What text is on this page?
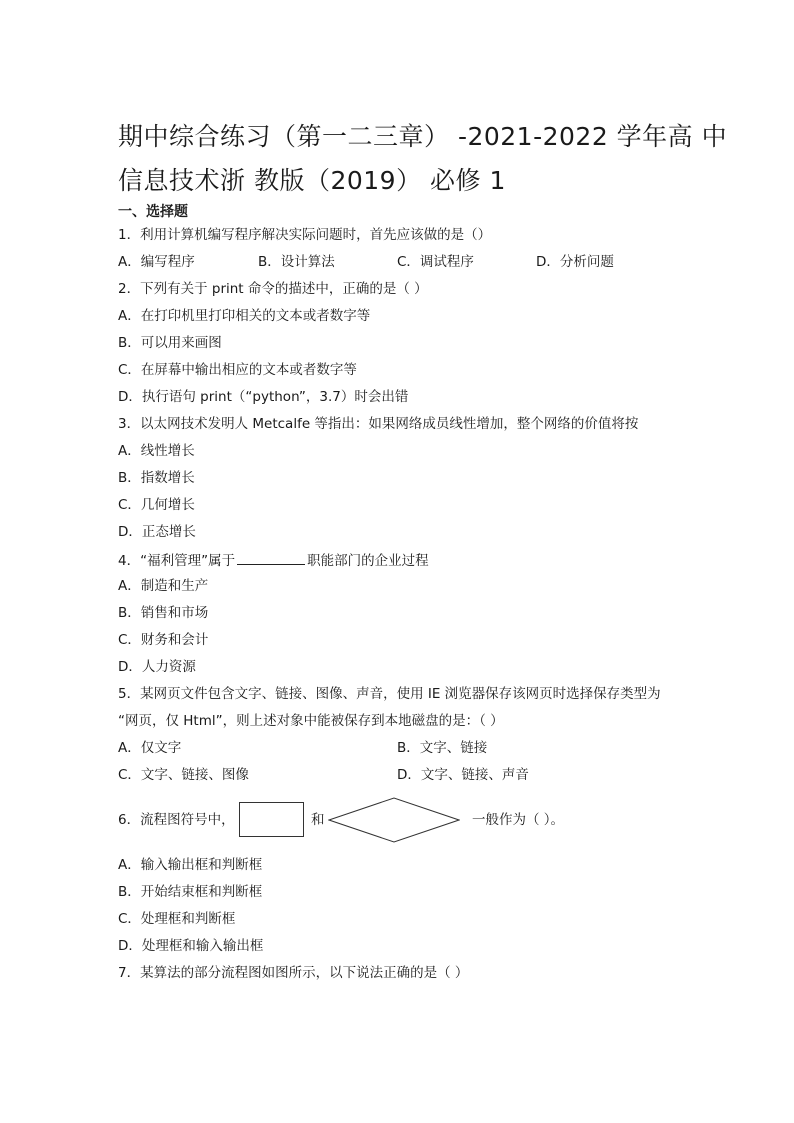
期中综合练习（第一二三章） -2021-2022 学年高 中
信息技术浙 教版（2019） 必修 1
一、选择题
1．利用计算机编写程序解决实际问题时，首先应该做的是（）
A．编写程序	B．设计算法	C．调试程序	D．分析问题
2．下列有关于 print 命令的描述中，正确的是（ ）
A．在打印机里打印相关的文本或者数字等
B．可以用来画图
C．在屏幕中输出相应的文本或者数字等
D．执行语句 print（“python”，3.7）时会出错
3．以太网技术发明人 Metcalfe 等指出：如果网络成员线性增加，整个网络的价值将按
A．线性增长
B．指数增长
C．几何增长
D．正态增长
4．“福利管理”属于	职能部门的企业过程
A．制造和生产
B．销售和市场
C．财务和会计
D．人力资源
5．某网页文件包含文字、链接、图像、声音，使用 IE 浏览器保存该网页时选择保存类型为
“网页，仅 Html”，则上述对象中能被保存到本地磁盘的是：（ ）
A．仅文字	B．文字、链接
C．文字、链接、图像	D．文字、链接、声音
6．流程图符号中，	和	一般作为（ ）。
A．输入输出框和判断框
B．开始结束框和判断框
C．处理框和判断框
D．处理框和输入输出框
7．某算法的部分流程图如图所示，以下说法正确的是（ ）
